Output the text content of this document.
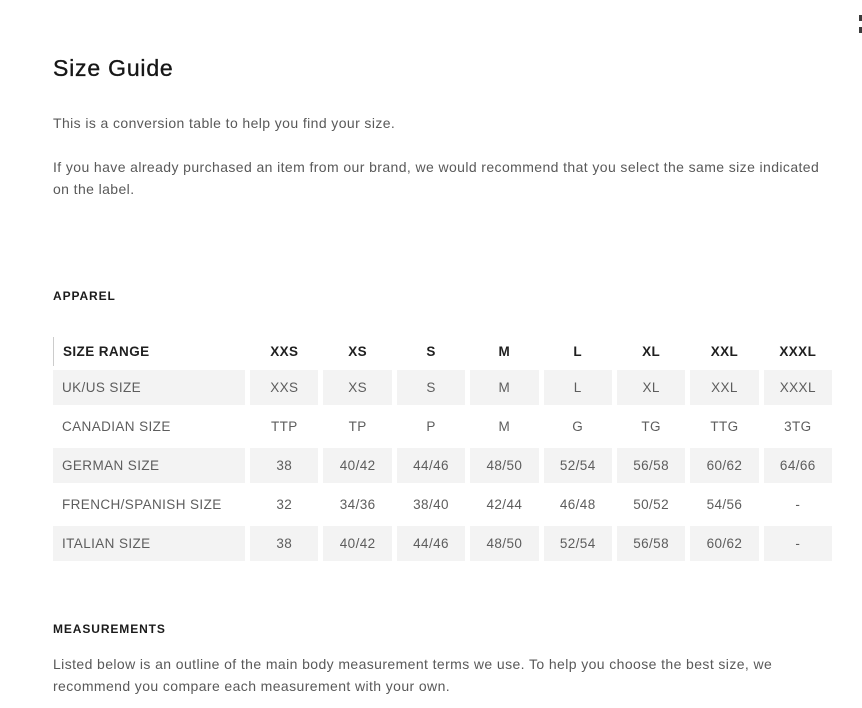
Size Guide

This is a conversion table to help you find your size.

If you have already purchased an item from our brand, we would recommend that you select the same size indicated on the label.

APPAREL
SIZE RANGE	XXS	XS	S	M	L	XL	XXL	XXXL
UK/US SIZE	XXS	XS	S	M	L	XL	XXL	XXXL
CANADIAN SIZE	TTP	TP	P	M	G	TG	TTG	3TG
GERMAN SIZE	38	40/42	44/46	48/50	52/54	56/58	60/62	64/66
FRENCH/SPANISH SIZE	32	34/36	38/40	42/44	46/48	50/52	54/56	-
ITALIAN SIZE	38	40/42	44/46	48/50	52/54	56/58	60/62	-
MEASUREMENTS

Listed below is an outline of the main body measurement terms we use. To help you choose the best size, we recommend you compare each measurement with your own.
